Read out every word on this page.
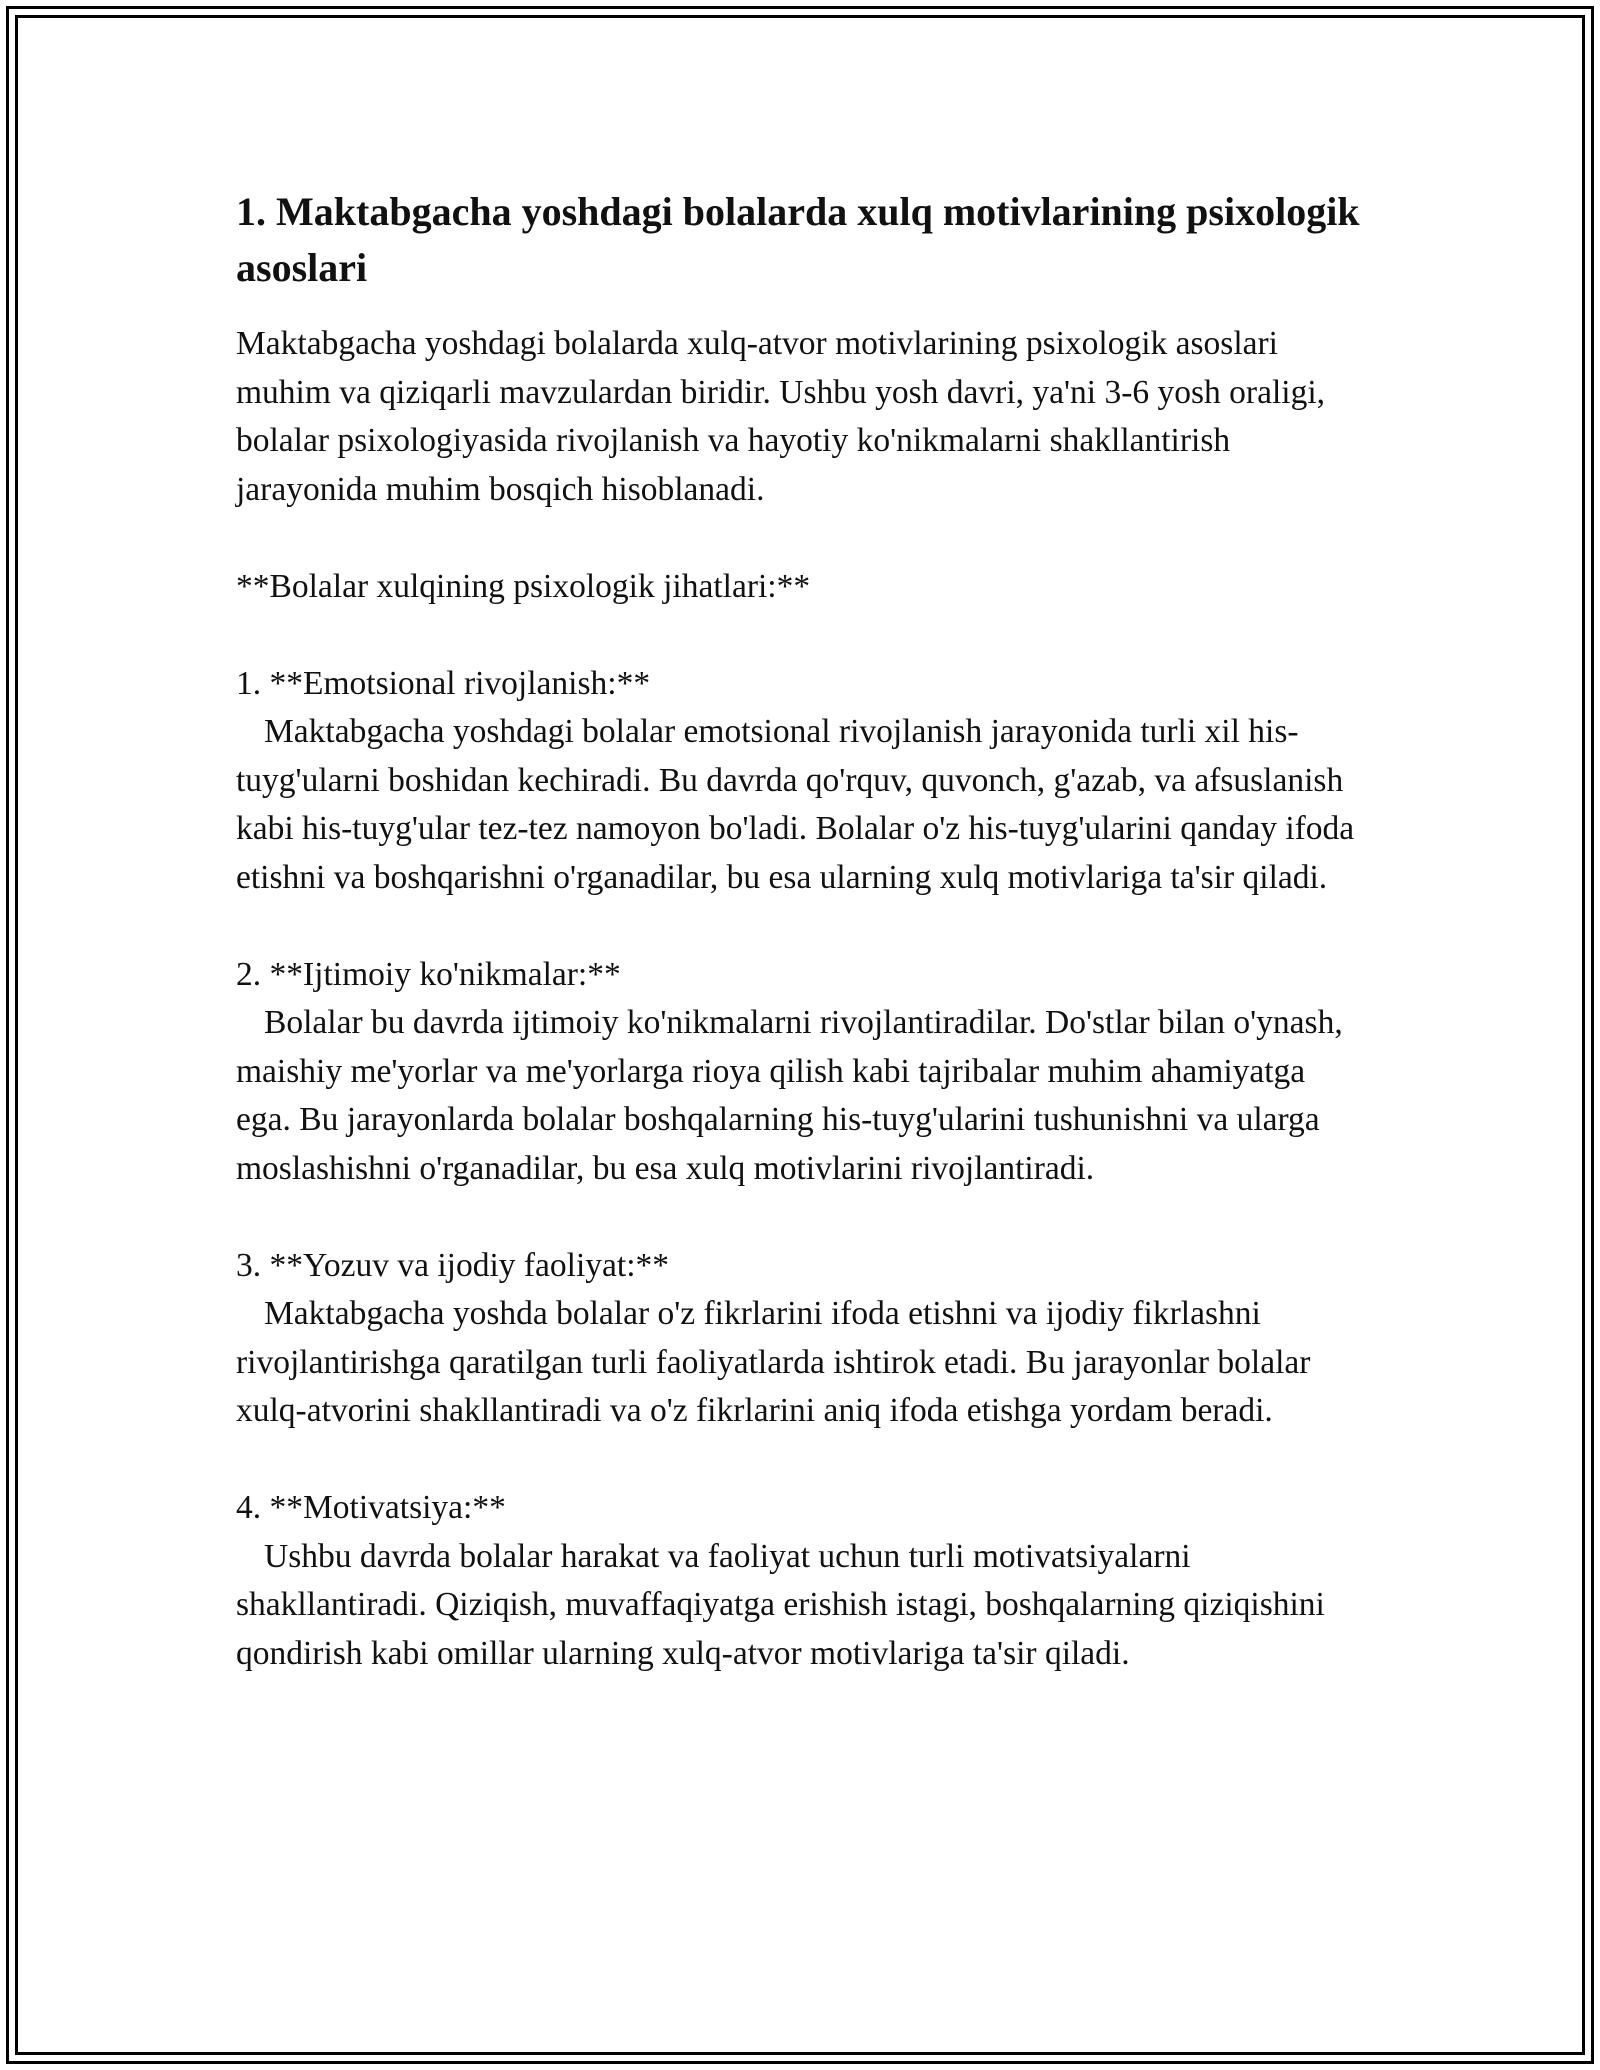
1. Maktabgacha yoshdagi bolalarda xulq motivlarining psixologik asoslari

Maktabgacha yoshdagi bolalarda xulq-atvor motivlarining psixologik asoslari muhim va qiziqarli mavzulardan biridir. Ushbu yosh davri, ya'ni 3-6 yosh oraligi, bolalar psixologiyasida rivojlanish va hayotiy ko'nikmalarni shakllantirish jarayonida muhim bosqich hisoblanadi.

**Bolalar xulqining psixologik jihatlari:**

1. **Emotsional rivojlanish:**
Maktabgacha yoshdagi bolalar emotsional rivojlanish jarayonida turli xil his-tuyg'ularni boshidan kechiradi. Bu davrda qo'rquv, quvonch, g'azab, va afsuslanish kabi his-tuyg'ular tez-tez namoyon bo'ladi. Bolalar o'z his-tuyg'ularini qanday ifoda etishni va boshqarishni o'rganadilar, bu esa ularning xulq motivlariga ta'sir qiladi.
2. **Ijtimoiy ko'nikmalar:**
Bolalar bu davrda ijtimoiy ko'nikmalarni rivojlantiradilar. Do'stlar bilan o'ynash, maishiy me'yorlar va me'yorlarga rioya qilish kabi tajribalar muhim ahamiyatga ega. Bu jarayonlarda bolalar boshqalarning his-tuyg'ularini tushunishni va ularga moslashishni o'rganadilar, bu esa xulq motivlarini rivojlantiradi.
3. **Yozuv va ijodiy faoliyat:**
Maktabgacha yoshda bolalar o'z fikrlarini ifoda etishni va ijodiy fikrlashni rivojlantirishga qaratilgan turli faoliyatlarda ishtirok etadi. Bu jarayonlar bolalar xulq-atvorini shakllantiradi va o'z fikrlarini aniq ifoda etishga yordam beradi.
4. **Motivatsiya:**
Ushbu davrda bolalar harakat va faoliyat uchun turli motivatsiyalarni shakllantiradi. Qiziqish, muvaffaqiyatga erishish istagi, boshqalarning qiziqishini qondirish kabi omillar ularning xulq-atvor motivlariga ta'sir qiladi.
